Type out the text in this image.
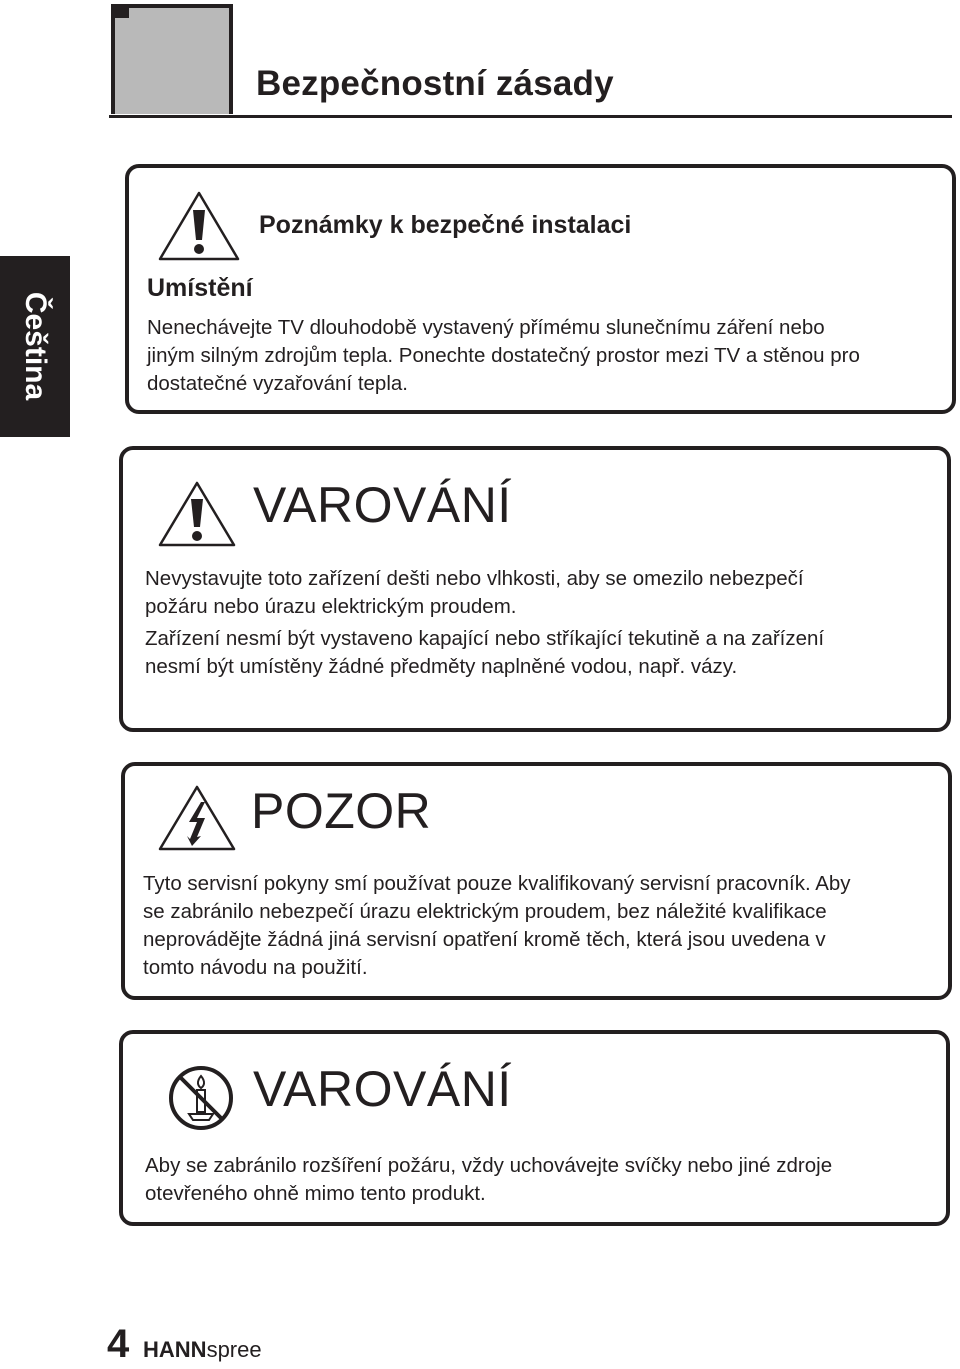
Bezpečnostní zásady
Čeština
Poznámky k bezpečné instalaci
Umístění

Nenechávejte TV dlouhodobě vystavený přímému slunečnímu záření nebo
jiným silným zdrojům tepla. Ponechte dostatečný prostor mezi TV a stěnou pro
dostatečné vyzařování tepla.

VAROVÁNÍ

Nevystavujte toto zařízení dešti nebo vlhkosti, aby se omezilo nebezpečí
požáru nebo úrazu elektrickým proudem.

Zařízení nesmí být vystaveno kapající nebo stříkající tekutině a na zařízení
nesmí být umístěny žádné předměty naplněné vodou, např. vázy.

POZOR

Tyto servisní pokyny smí používat pouze kvalifikovaný servisní pracovník. Aby
se zabránilo nebezpečí úrazu elektrickým proudem, bez náležité kvalifikace
neprovádějte žádná jiná servisní opatření kromě těch, která jsou uvedena v
tomto návodu na použití.

VAROVÁNÍ

Aby se zabránilo rozšíření požáru, vždy uchovávejte svíčky nebo jiné zdroje
otevřeného ohně mimo tento produkt.

4 HANNspree
